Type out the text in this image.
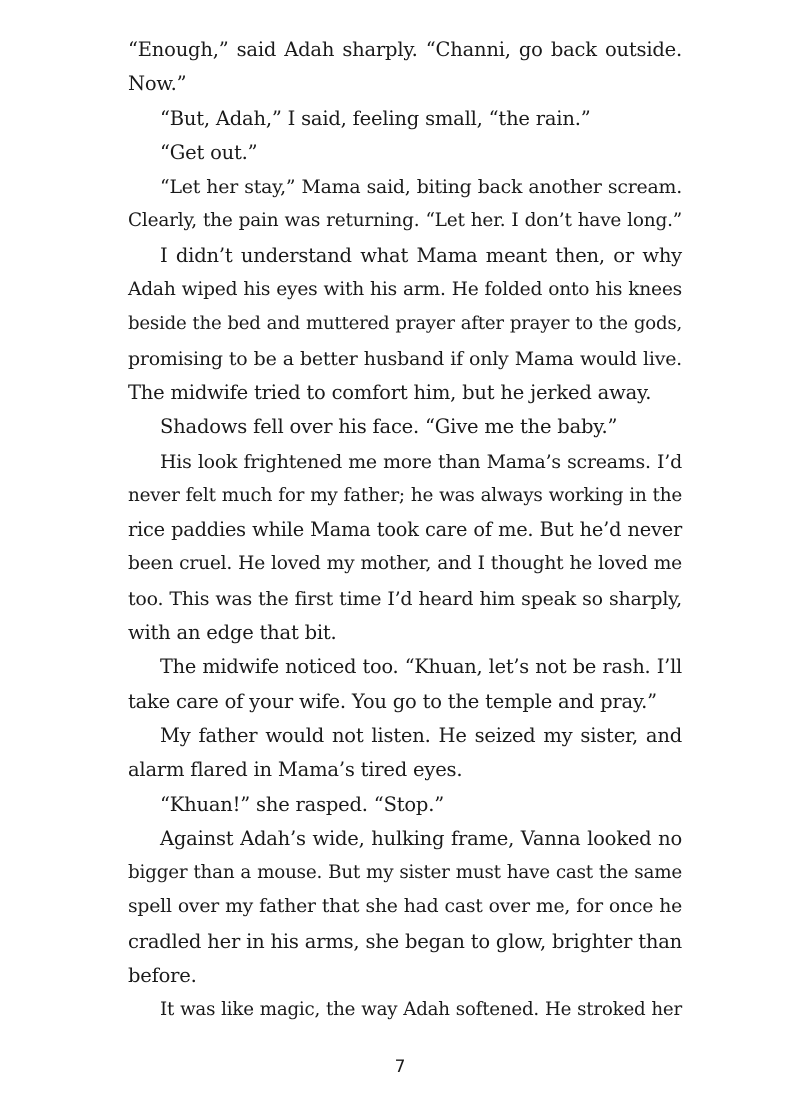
“Enough,” said Adah sharply. “Channi, go back outside.
Now.”
“But, Adah,” I said, feeling small, “the rain.”
“Get out.”
“Let her stay,” Mama said, biting back another scream.
Clearly, the pain was returning. “Let her. I don’t have long.”
I didn’t understand what Mama meant then, or why
Adah wiped his eyes with his arm. He folded onto his knees
beside the bed and muttered prayer after prayer to the gods,
promising to be a better husband if only Mama would live.
The midwife tried to comfort him, but he jerked away.
Shadows fell over his face. “Give me the baby.”
His look frightened me more than Mama’s screams. I’d
never felt much for my father; he was always working in the
rice paddies while Mama took care of me. But he’d never
been cruel. He loved my mother, and I thought he loved me
too. This was the first time I’d heard him speak so sharply,
with an edge that bit.
The midwife noticed too. “Khuan, let’s not be rash. I’ll
take care of your wife. You go to the temple and pray.”
My father would not listen. He seized my sister, and
alarm flared in Mama’s tired eyes.
“Khuan!” she rasped. “Stop.”
Against Adah’s wide, hulking frame, Vanna looked no
bigger than a mouse. But my sister must have cast the same
spell over my father that she had cast over me, for once he
cradled her in his arms, she began to glow, brighter than
before.
It was like magic, the way Adah softened. He stroked her
7
